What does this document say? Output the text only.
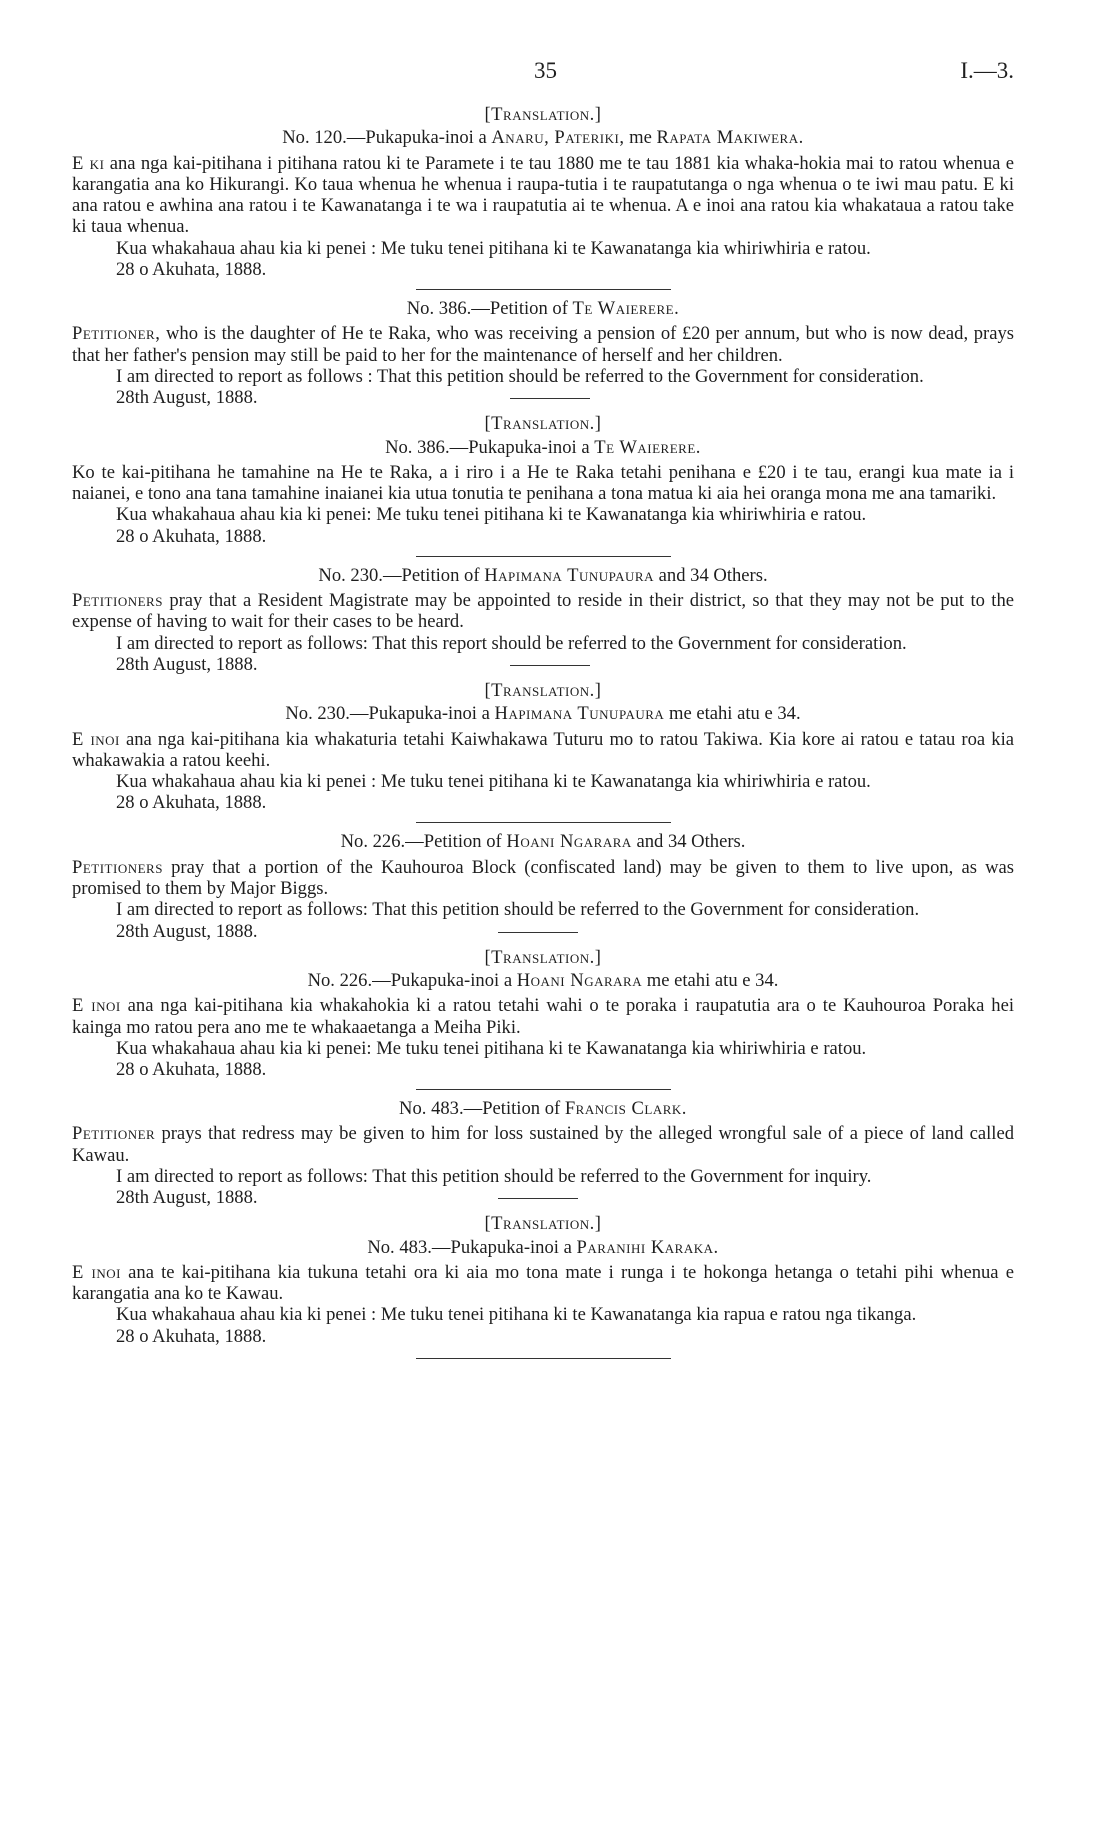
35	I.—3.
[Translation.]
No. 120.—Pukapuka-inoi a Anaru, Pateriki, me Rapata Makiwera.

E ki ana nga kai-pitihana i pitihana ratou ki te Paramete i te tau 1880 me te tau 1881 kia whaka-hokia mai to ratou whenua e karangatia ana ko Hikurangi. Ko taua whenua he whenua i raupa-tutia i te raupatutanga o nga whenua o te iwi mau patu. E ki ana ratou e awhina ana ratou i te Kawanatanga i te wa i raupatutia ai te whenua. A e inoi ana ratou kia whakataua a ratou take ki taua whenua.

Kua whakahaua ahau kia ki penei : Me tuku tenei pitihana ki te Kawanatanga kia whiriwhiria e ratou.

28 o Akuhata, 1888.
No. 386.—Petition of Te Waierere.

Petitioner, who is the daughter of He te Raka, who was receiving a pension of £20 per annum, but who is now dead, prays that her father's pension may still be paid to her for the maintenance of herself and her children.

I am directed to report as follows : That this petition should be referred to the Government for consideration.

28th August, 1888.
[Translation.]
No. 386.—Pukapuka-inoi a Te Waierere.

Ko te kai-pitihana he tamahine na He te Raka, a i riro i a He te Raka tetahi penihana e £20 i te tau, erangi kua mate ia i naianei, e tono ana tana tamahine inaianei kia utua tonutia te penihana a tona matua ki aia hei oranga mona me ana tamariki.

Kua whakahaua ahau kia ki penei: Me tuku tenei pitihana ki te Kawanatanga kia whiriwhiria e ratou.

28 o Akuhata, 1888.
No. 230.—Petition of Hapimana Tunupaura and 34 Others.

Petitioners pray that a Resident Magistrate may be appointed to reside in their district, so that they may not be put to the expense of having to wait for their cases to be heard.

I am directed to report as follows: That this report should be referred to the Government for consideration.

28th August, 1888.
[Translation.]
No. 230.—Pukapuka-inoi a Hapimana Tunupaura me etahi atu e 34.

E inoi ana nga kai-pitihana kia whakaturia tetahi Kaiwhakawa Tuturu mo to ratou Takiwa. Kia kore ai ratou e tatau roa kia whakawakia a ratou keehi.

Kua whakahaua ahau kia ki penei : Me tuku tenei pitihana ki te Kawanatanga kia whiriwhiria e ratou.

28 o Akuhata, 1888.
No. 226.—Petition of Hoani Ngarara and 34 Others.

Petitioners pray that a portion of the Kauhouroa Block (confiscated land) may be given to them to live upon, as was promised to them by Major Biggs.

I am directed to report as follows: That this petition should be referred to the Government for consideration.

28th August, 1888.
[Translation.]
No. 226.—Pukapuka-inoi a Hoani Ngarara me etahi atu e 34.

E inoi ana nga kai-pitihana kia whakahokia ki a ratou tetahi wahi o te poraka i raupatutia ara o te Kauhouroa Poraka hei kainga mo ratou pera ano me te whakaaetanga a Meiha Piki.

Kua whakahaua ahau kia ki penei: Me tuku tenei pitihana ki te Kawanatanga kia whiriwhiria e ratou.

28 o Akuhata, 1888.
No. 483.—Petition of Francis Clark.

Petitioner prays that redress may be given to him for loss sustained by the alleged wrongful sale of a piece of land called Kawau.

I am directed to report as follows: That this petition should be referred to the Government for inquiry.

28th August, 1888.
[Translation.]
No. 483.—Pukapuka-inoi a Paranihi Karaka.

E inoi ana te kai-pitihana kia tukuna tetahi ora ki aia mo tona mate i runga i te hokonga hetanga o tetahi pihi whenua e karangatia ana ko te Kawau.

Kua whakahaua ahau kia ki penei : Me tuku tenei pitihana ki te Kawanatanga kia rapua e ratou nga tikanga.

28 o Akuhata, 1888.
